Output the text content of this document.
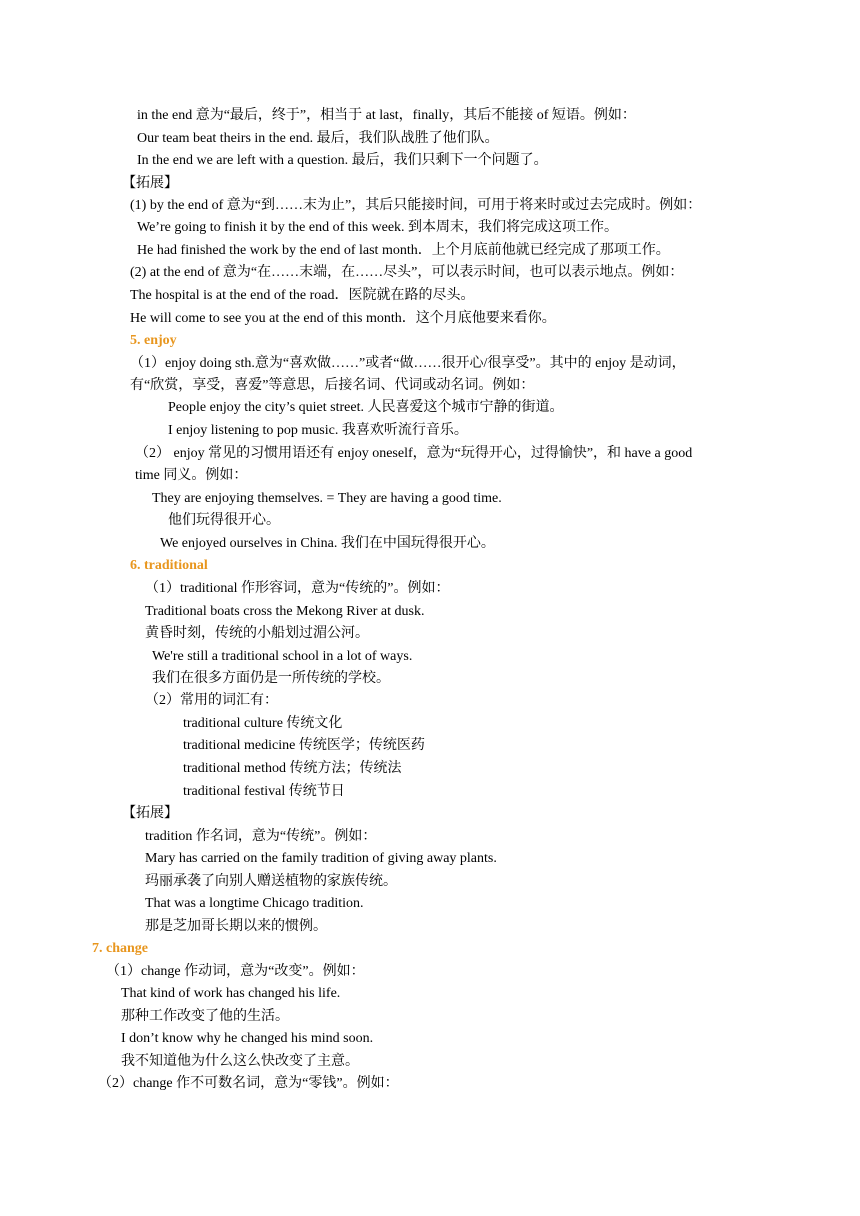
in the end 意为“最后，终于”，相当于 at last，finally，其后不能接 of 短语。例如：
Our team beat theirs in the end. 最后，我们队战胜了他们队。
In the end we are left with a question. 最后，我们只剩下一个问题了。
【拓展】
(1) by the end of 意为“到……末为止”，其后只能接时间，可用于将来时或过去完成时。例如：
We’re going to finish it by the end of this week. 到本周末，我们将完成这项工作。
He had finished the work by the end of last month．上个月底前他就已经完成了那项工作。
(2) at the end of 意为“在……末端，在……尽头”，可以表示时间，也可以表示地点。例如：
The hospital is at the end of the road．医院就在路的尽头。
He will come to see you at the end of this month．这个月底他要来看你。
5. enjoy
（1）enjoy doing sth.意为“喜欢做……”或者“做……很开心/很享受”。其中的 enjoy 是动词，
有“欣赏，享受，喜爱”等意思，后接名词、代词或动名词。例如：
People enjoy the city’s quiet street. 人民喜爱这个城市宁静的街道。
I enjoy listening to pop music. 我喜欢听流行音乐。
（2） enjoy 常见的习惯用语还有 enjoy oneself，意为“玩得开心，过得愉快”，和 have a good
time 同义。例如：
They are enjoying themselves. = They are having a good time.
他们玩得很开心。
We enjoyed ourselves in China. 我们在中国玩得很开心。
6. traditional
（1）traditional 作形容词，意为“传统的”。例如：
Traditional boats cross the Mekong River at dusk.
黄昏时刻，传统的小船划过湄公河。
We're still a traditional school in a lot of ways.
我们在很多方面仍是一所传统的学校。
（2）常用的词汇有：
traditional culture 传统文化
traditional medicine 传统医学；传统医药
traditional method 传统方法；传统法
traditional festival 传统节日
【拓展】
tradition 作名词，意为“传统”。例如：
Mary has carried on the family tradition of giving away plants.
玛丽承袭了向别人赠送植物的家族传统。
That was a longtime Chicago tradition.
那是芝加哥长期以来的惯例。
7. change
（1）change 作动词，意为“改变”。例如：
That kind of work has changed his life.
那种工作改变了他的生活。
I don’t know why he changed his mind soon.
我不知道他为什么这么快改变了主意。
（2）change 作不可数名词，意为“零钱”。例如：
